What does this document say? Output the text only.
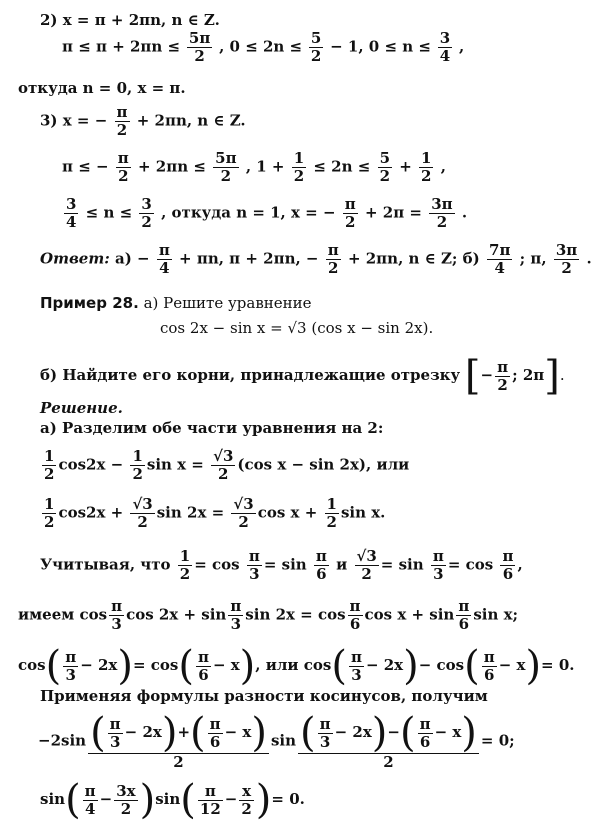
2) x = π + 2πn, n ∈ Z.
$\pi \le \pi + 2\pi n \le \frac{5\pi}{2}$ , $0 \le 2n \le \frac{5}{2} - 1$, $0 \le n \le \frac{3}{4}$ ,
откуда n = 0, x = π.
3) x = − $\frac{\pi}{2} + 2\pi n$, n ∈ Z.
π ≤ − $\frac{\pi}{2} + 2\pi n \le \frac{5\pi}{2}$ , $1 + \frac{1}{2} \le 2n \le \frac{5}{2} + \frac{1}{2}$ ,
$\frac{3}{4} \le n \le \frac{3}{2}$ , откуда n = 1, x = − $\frac{\pi}{2} + 2\pi = \frac{3\pi}{2}$ .
Ответ: $а) - \frac{\pi}{4} + \pi n$, π + 2πn, − $\frac{\pi}{2} + 2\pi n$, n ∈ Z; $б) \frac{7\pi}{4}$ ; π, $\frac{3\pi}{2}$ .
Пример 28. а) Решите уравнение
cos 2x − sin x = √3 (cos x − sin 2x).
б) Найдите его корни, принадлежащие отрезку [− $\frac{\pi}{2}$ ; 2π].
Решение.
а) Разделим обе части уравнения на 2:
$\frac{1}{2} \cos 2x - \frac{1}{2}$ $\sin x = \frac{√3}{2} (\cos$ x − sin 2x), или
$\frac{1}{2} \cos 2x + \frac{√3}{2}$ $\sin 2x = \frac{√3}{2}$ $\cos x + \frac{1}{2}$ sin x.
Учитывая, что $\frac{1}{2} = \cos \frac{\pi}{3} = \sin \frac{\pi}{6}$ и $\frac{√3}{2} = \sin \frac{\pi}{3} = \cos \frac{\pi}{6}$ ,
имеем $\cos \frac{\pi}{3}$ $\cos 2x + \sin \frac{\pi}{3}$ $\sin 2x = \cos \frac{\pi}{6}$ $\cos x + \sin \frac{\pi}{6}$ sin x;
$\cos( \frac{\pi}{3} - 2x)= \cos( \frac{\pi}{6} - x)$, или $\cos( \frac{\pi}{3} - 2x)- \cos( \frac{\pi}{6} - x)= 0$.
Применяя формулы разности косинусов, получим
$-2\sin \frac{( \frac{\pi}{3} - 2x)+( \frac{\pi}{6} - x)}{2}$ $\sin \frac{( \frac{\pi}{3} - 2x)-( \frac{\pi}{6} - x)}{2} = 0$;
$\sin( \frac{\pi}{4} - \frac{3x}{2} )\sin( \frac{\pi}{12} - \frac{x}{2}$ )= 0.
